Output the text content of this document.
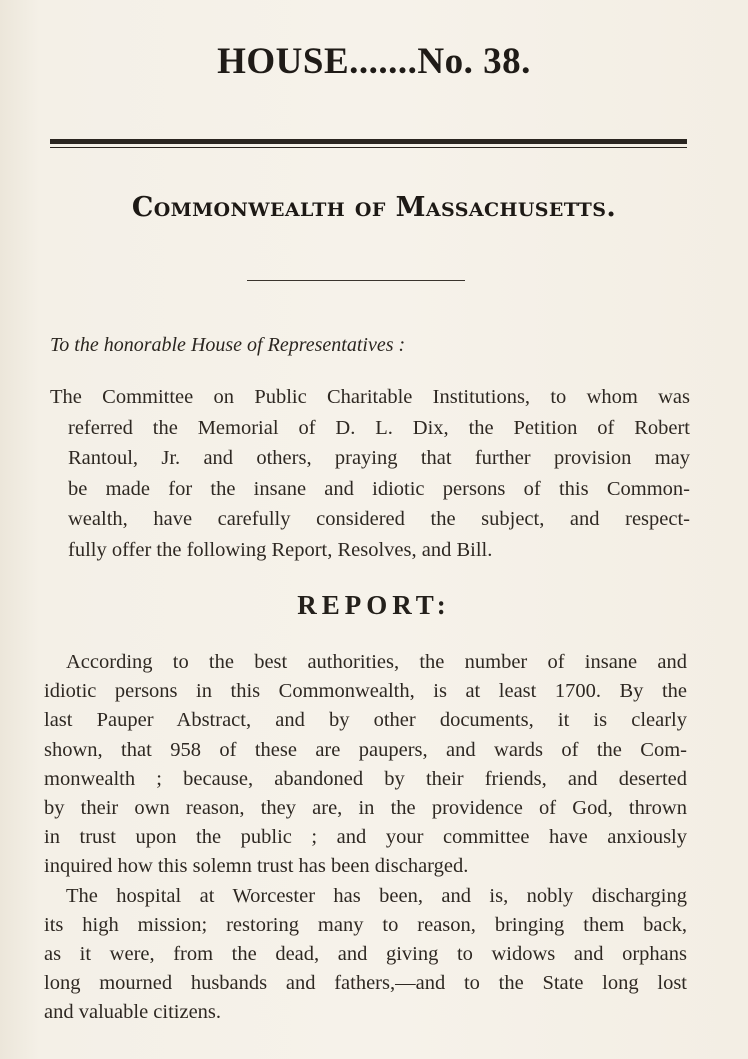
HOUSE.......No. 38.
Commonwealth of Massachusetts.
To the honorable House of Representatives :
The Committee on Public Charitable Institutions, to whom was
referred the Memorial of D. L. Dix, the Petition of Robert
Rantoul, Jr. and others, praying that further provision may
be made for the insane and idiotic persons of this Common-
wealth, have carefully considered the subject, and respect-
fully offer the following Report, Resolves, and Bill.
REPORT:
According to the best authorities, the number of insane and
idiotic persons in this Commonwealth, is at least 1700. By the
last Pauper Abstract, and by other documents, it is clearly
shown, that 958 of these are paupers, and wards of the Com-
monwealth ; because, abandoned by their friends, and deserted
by their own reason, they are, in the providence of God, thrown
in trust upon the public ; and your committee have anxiously
inquired how this solemn trust has been discharged.
The hospital at Worcester has been, and is, nobly discharging
its high mission; restoring many to reason, bringing them back,
as it were, from the dead, and giving to widows and orphans
long mourned husbands and fathers,—and to the State long lost
and valuable citizens.
